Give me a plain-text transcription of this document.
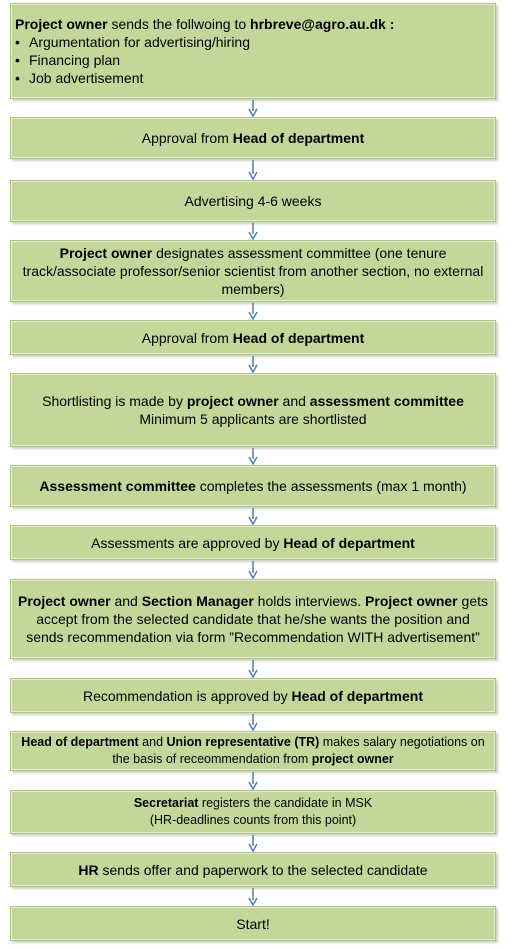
Project owner sends the follwoing to hrbreve@agro.au.dk :
• Argumentation for advertising/hiring
• Financing plan
• Job advertisement
Approval from Head of department
Advertising 4-6 weeks
Project owner designates assessment committee (one tenure track/associate professor/senior scientist from another section, no external members)
Approval from Head of department
Shortlisting is made by project owner and assessment committee
Minimum 5 applicants are shortlisted
Assessment committee completes the assessments (max 1 month)
Assessments are approved by Head of department
Project owner and Section Manager holds interviews. Project owner gets accept from the selected candidate that he/she wants the position and sends recommendation via form ”Recommendation WITH advertisement”
Recommendation is approved by Head of department
Head of department and Union representative (TR) makes salary negotiations on the basis of receommendation from project owner
Secretariat registers the candidate in MSK
(HR-deadlines counts from this point)
HR sends offer and paperwork to the selected candidate
Start!
